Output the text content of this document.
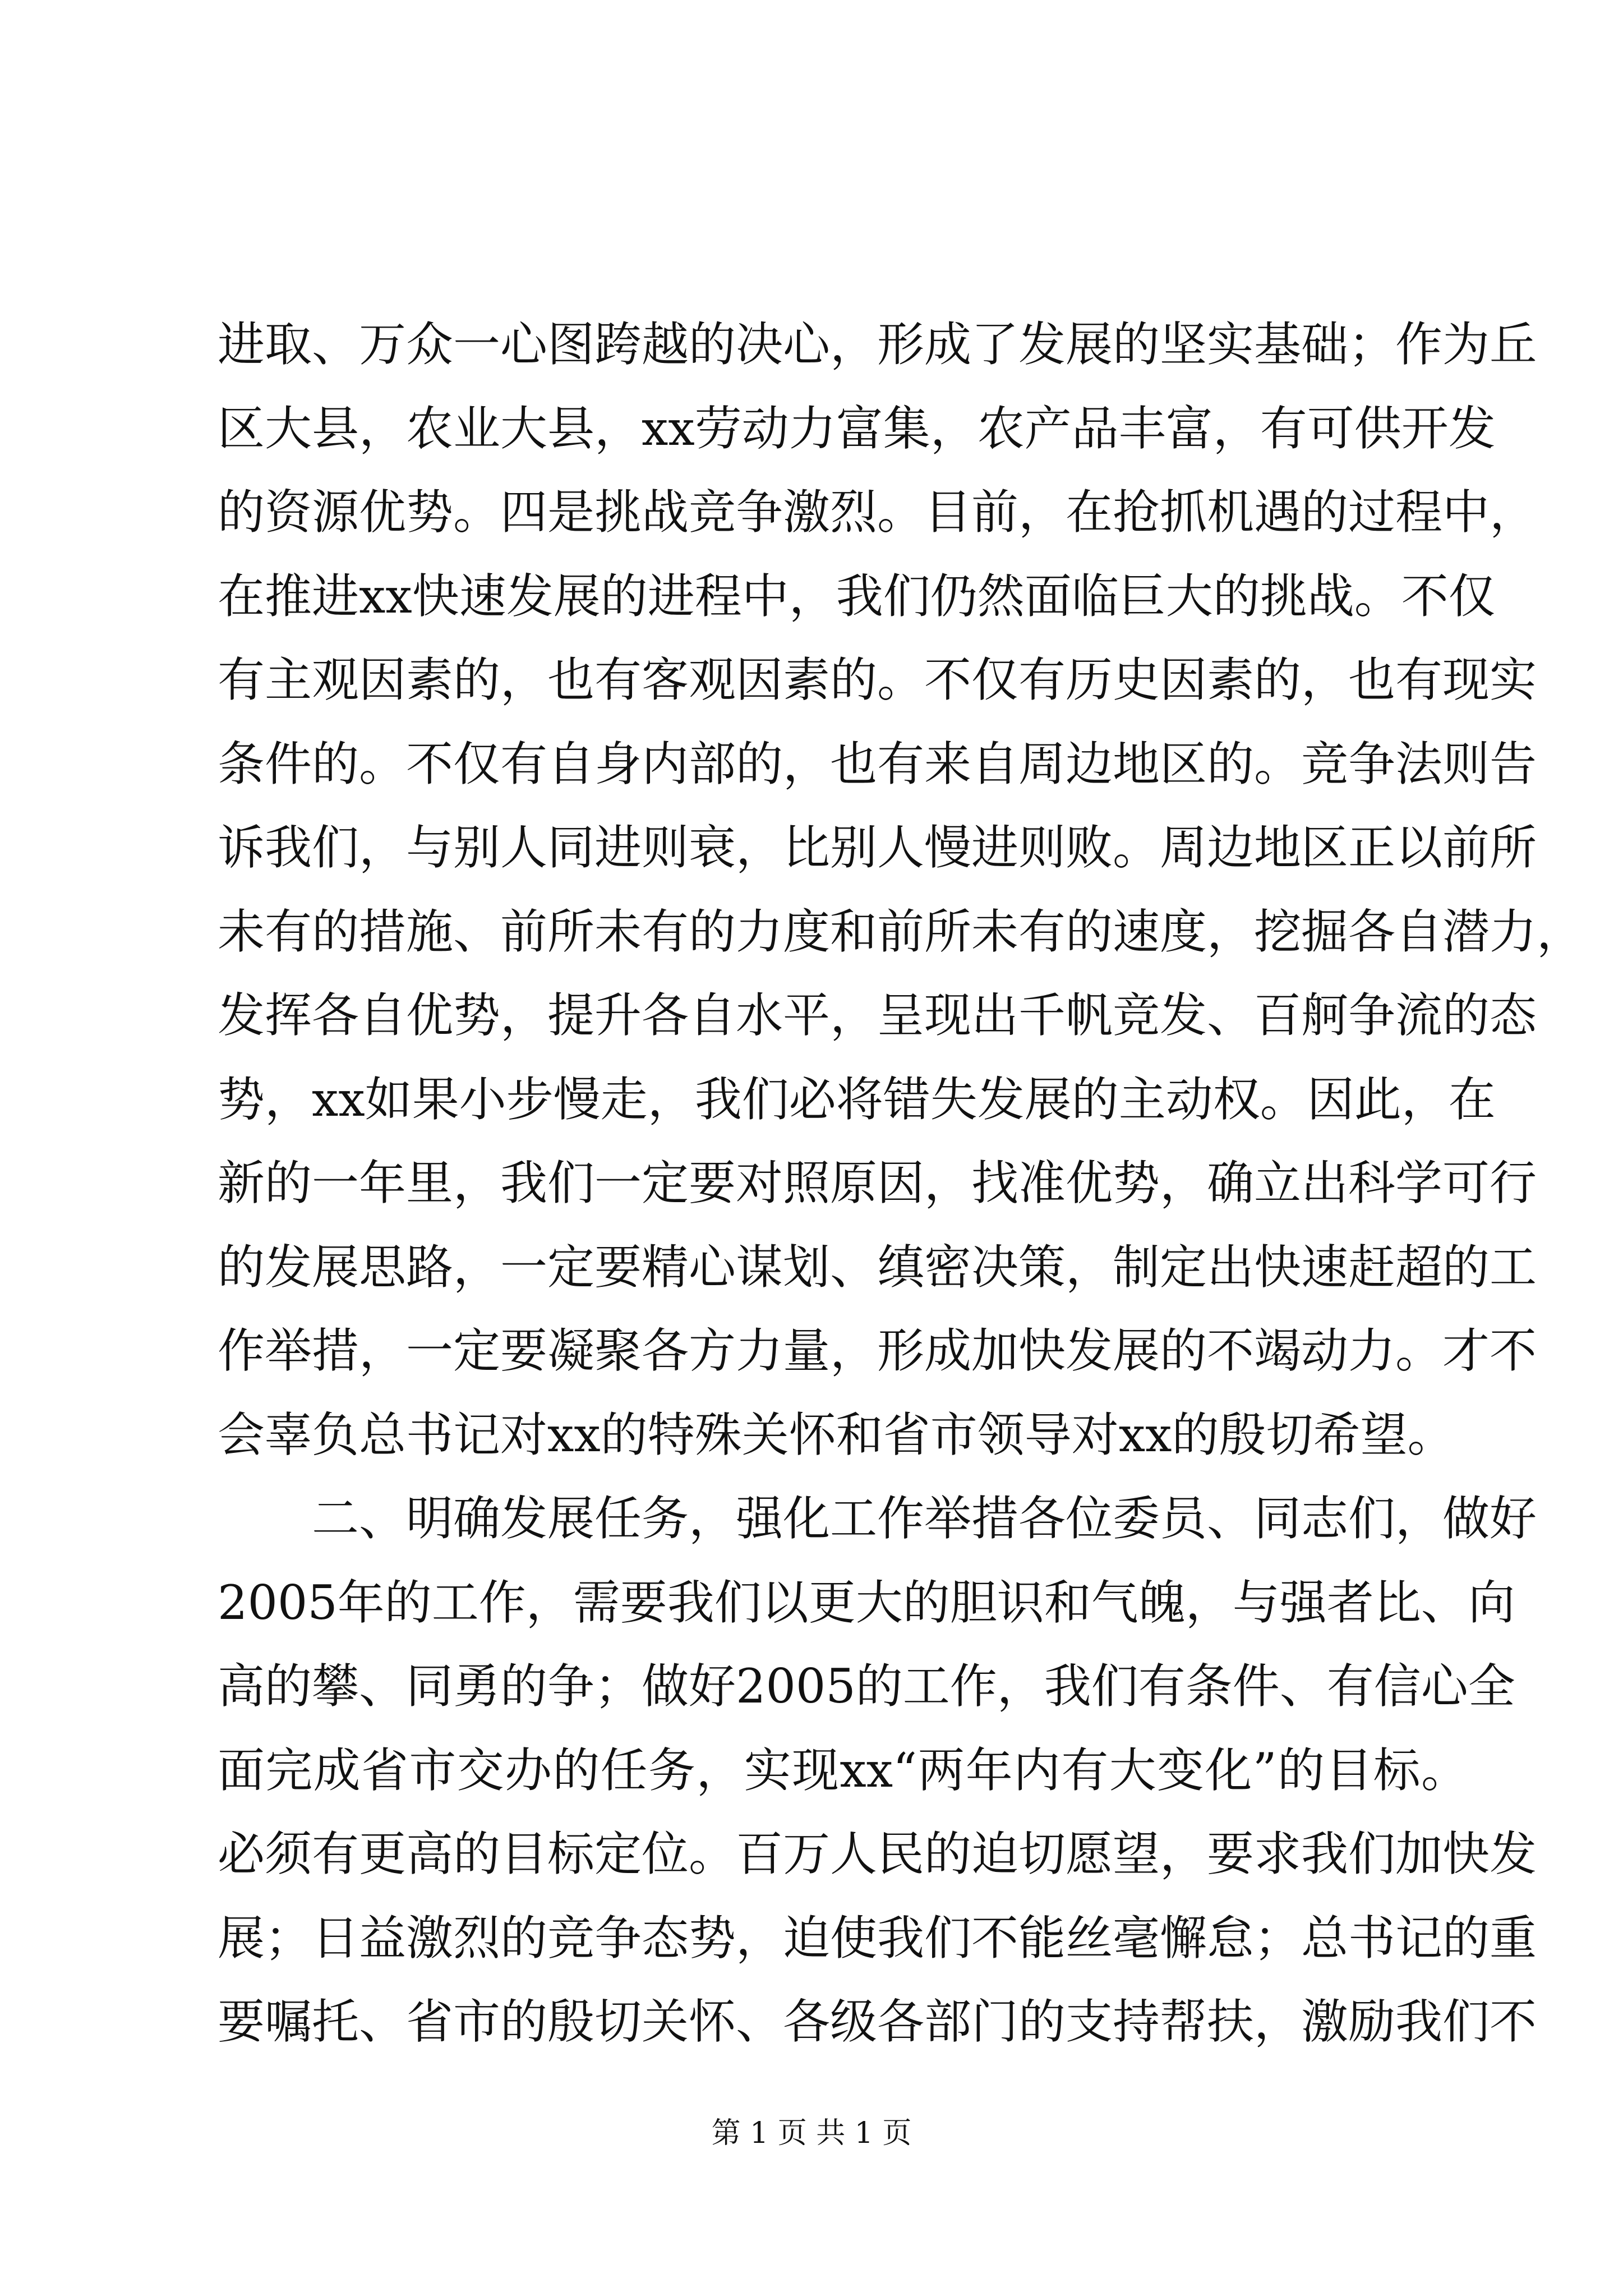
进取、万众一心图跨越的决心，形成了发展的坚实基础；作为丘
区大县，农业大县，xx劳动力富集，农产品丰富，有可供开发
的资源优势。四是挑战竞争激烈。目前，在抢抓机遇的过程中，
在推进xx快速发展的进程中，我们仍然面临巨大的挑战。不仅
有主观因素的，也有客观因素的。不仅有历史因素的，也有现实
条件的。不仅有自身内部的，也有来自周边地区的。竞争法则告
诉我们，与别人同进则衰，比别人慢进则败。周边地区正以前所
未有的措施、前所未有的力度和前所未有的速度，挖掘各自潜力，
发挥各自优势，提升各自水平，呈现出千帆竞发、百舸争流的态
势，xx如果小步慢走，我们必将错失发展的主动权。因此，在
新的一年里，我们一定要对照原因，找准优势，确立出科学可行
的发展思路，一定要精心谋划、缜密决策，制定出快速赶超的工
作举措，一定要凝聚各方力量，形成加快发展的不竭动力。才不
会辜负总书记对xx的特殊关怀和省市领导对xx的殷切希望。
二、明确发展任务，强化工作举措各位委员、同志们，做好
2005年的工作，需要我们以更大的胆识和气魄，与强者比、向
高的攀、同勇的争；做好2005的工作，我们有条件、有信心全
面完成省市交办的任务，实现xx“两年内有大变化”的目标。
必须有更高的目标定位。百万人民的迫切愿望，要求我们加快发
展；日益激烈的竞争态势，迫使我们不能丝毫懈怠；总书记的重
要嘱托、省市的殷切关怀、各级各部门的支持帮扶，激励我们不
第 1 页 共 1 页
